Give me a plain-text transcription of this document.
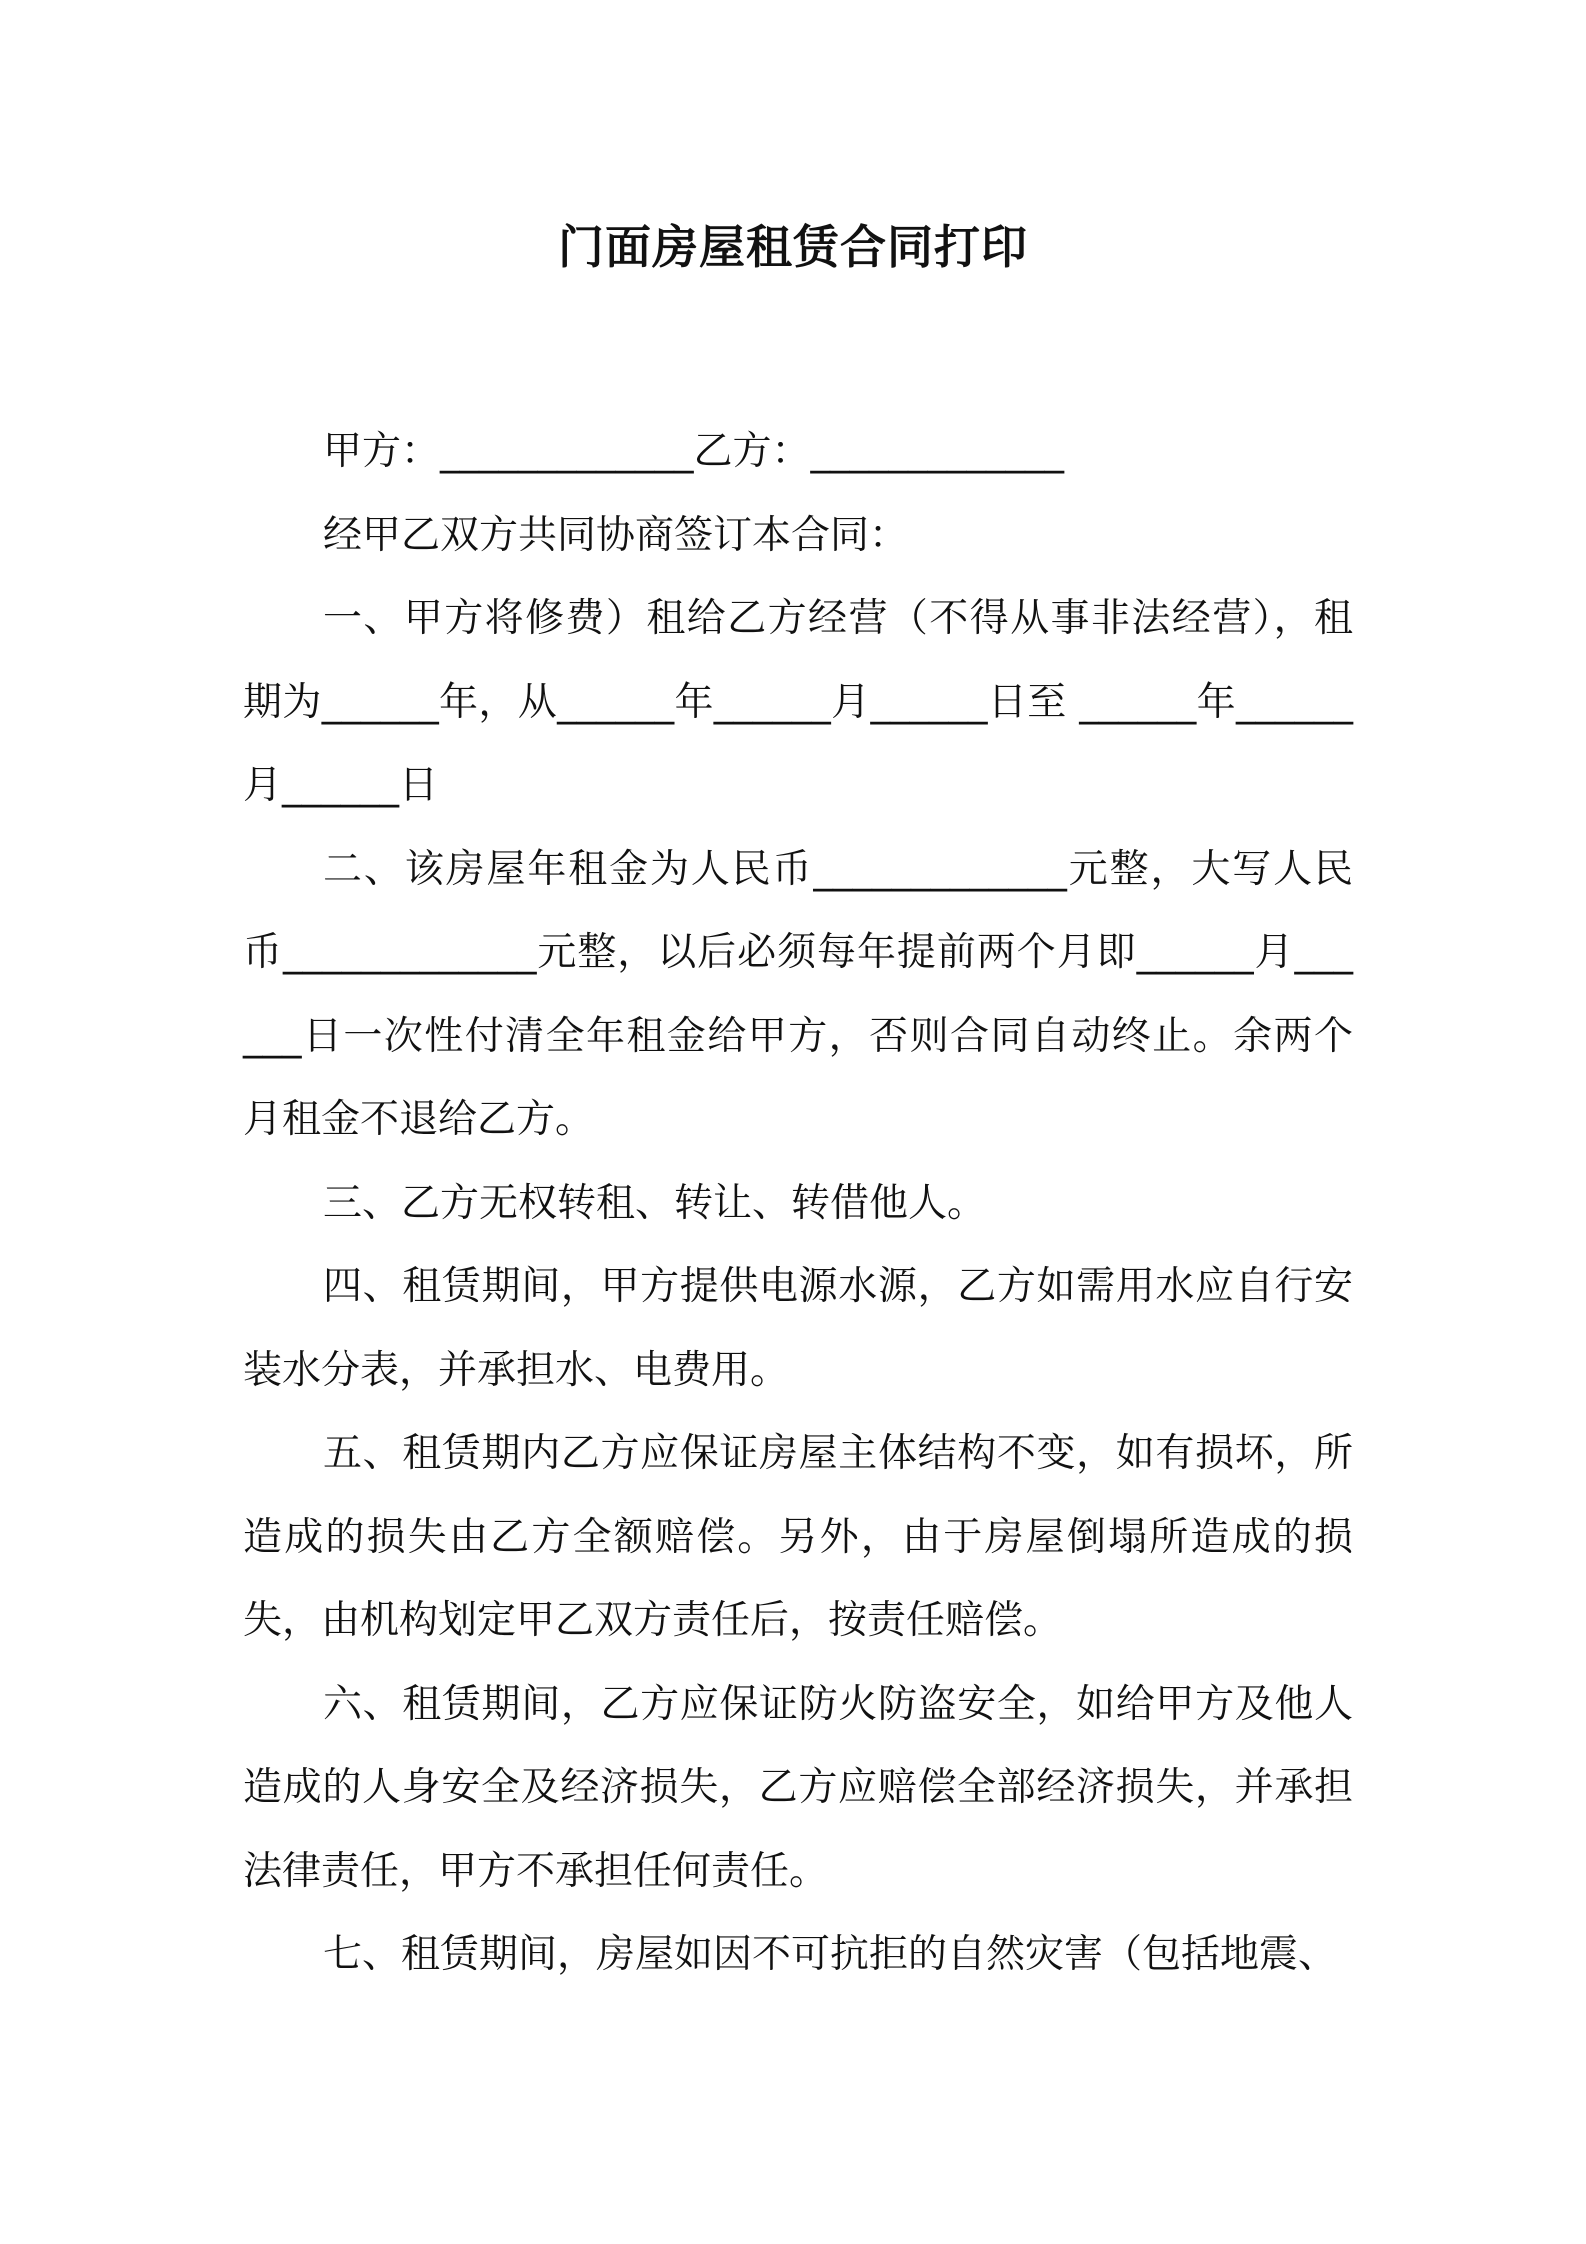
门面房屋租赁合同打印

甲方：_____________乙方：_____________

经甲乙双方共同协商签订本合同：

一、甲方将修费）租给乙方经营（不得从事非法经营），租期为______年，从______年______月______日至 ______年______月______日

二、该房屋年租金为人民币_____________元整，大写人民币_____________元整，以后必须每年提前两个月即______月______日一次性付清全年租金给甲方，否则合同自动终止。余两个月租金不退给乙方。

三、乙方无权转租、转让、转借他人。

四、租赁期间，甲方提供电源水源，乙方如需用水应自行安装水分表，并承担水、电费用。

五、租赁期内乙方应保证房屋主体结构不变，如有损坏，所造成的损失由乙方全额赔偿。另外，由于房屋倒塌所造成的损失，由机构划定甲乙双方责任后，按责任赔偿。

六、租赁期间，乙方应保证防火防盗安全，如给甲方及他人造成的人身安全及经济损失，乙方应赔偿全部经济损失，并承担法律责任，甲方不承担任何责任。

七、租赁期间，房屋如因不可抗拒的自然灾害（包括地震、
